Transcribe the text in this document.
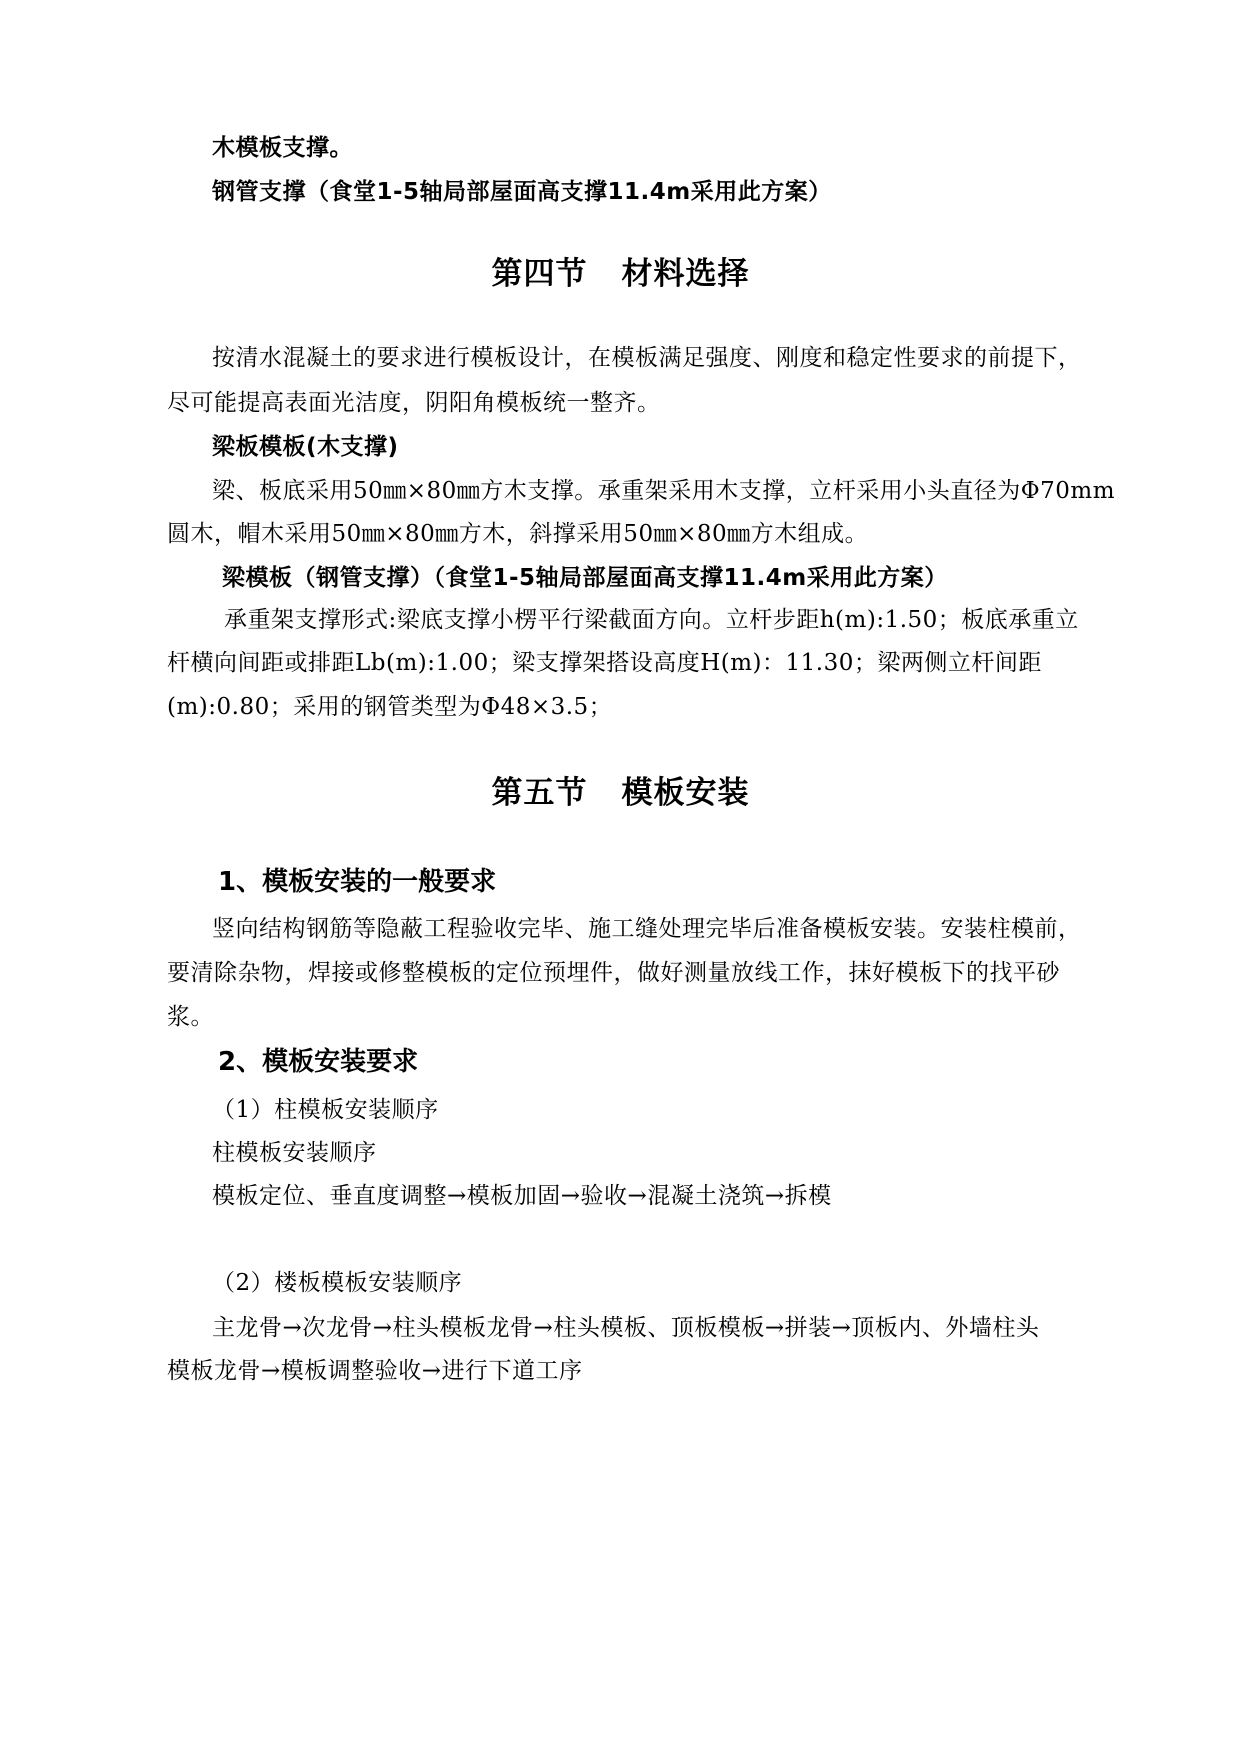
木模板支撑。
钢管支撑（食堂1-5轴局部屋面高支撑11.4m采用此方案）
第四节 材料选择
按清水混凝土的要求进行模板设计，在模板满足强度、刚度和稳定性要求的前提下，
尽可能提高表面光洁度，阴阳角模板统一整齐。
梁板模板(木支撑)
梁、板底采用50㎜×80㎜方木支撑。承重架采用木支撑，立杆采用小头直径为Φ70mm
圆木，帽木采用50㎜×80㎜方木，斜撑采用50㎜×80㎜方木组成。
梁模板（钢管支撑）（食堂1-5轴局部屋面高支撑11.4m采用此方案）
承重架支撑形式:梁底支撑小楞平行梁截面方向。立杆步距h(m):1.50；板底承重立
杆横向间距或排距Lb(m):1.00；梁支撑架搭设高度H(m)：11.30；梁两侧立杆间距
(m):0.80；采用的钢管类型为Φ48×3.5；
第五节 模板安装
1、模板安装的一般要求
竖向结构钢筋等隐蔽工程验收完毕、施工缝处理完毕后准备模板安装。安装柱模前，
要清除杂物，焊接或修整模板的定位预埋件，做好测量放线工作，抹好模板下的找平砂
浆。
2、模板安装要求
（1）柱模板安装顺序
柱模板安装顺序
模板定位、垂直度调整→模板加固→验收→混凝土浇筑→拆模
（2）楼板模板安装顺序
主龙骨→次龙骨→柱头模板龙骨→柱头模板、顶板模板→拼装→顶板内、外墙柱头
模板龙骨→模板调整验收→进行下道工序
